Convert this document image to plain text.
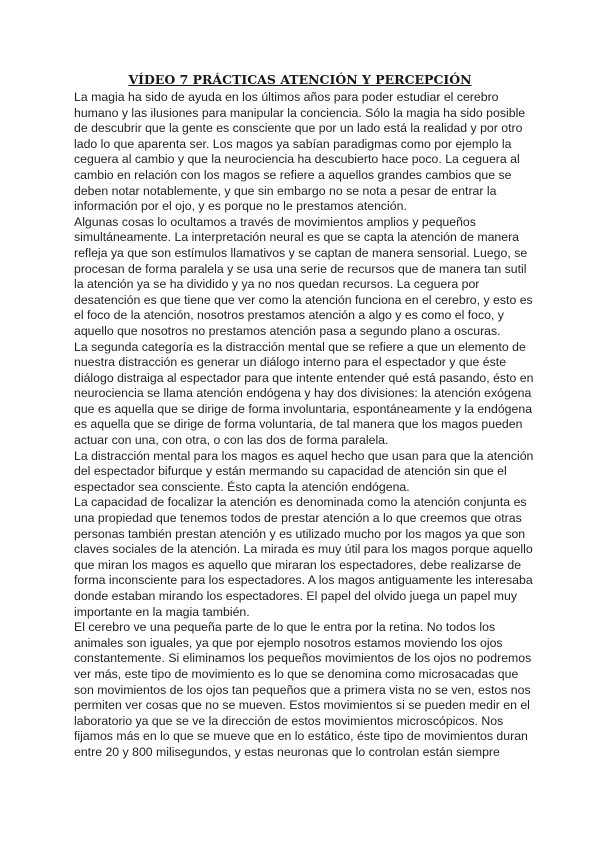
VÍDEO 7 PRÁCTICAS ATENCIÓN Y PERCEPCIÓN
La magia ha sido de ayuda en los últimos años para poder estudiar el cerebro
humano y las ilusiones para manipular la conciencia. Sólo la magia ha sido posible
de descubrir que la gente es consciente que por un lado está la realidad y por otro
lado lo que aparenta ser. Los magos ya sabían paradigmas como por ejemplo la
ceguera al cambio y que la neurociencia ha descubierto hace poco. La ceguera al
cambio en relación con los magos se refiere a aquellos grandes cambios que se
deben notar notablemente, y que sin embargo no se nota a pesar de entrar la
información por el ojo, y es porque no le prestamos atención.
Algunas cosas lo ocultamos a través de movimientos amplios y pequeños
simultáneamente. La interpretación neural es que se capta la atención de manera
refleja ya que son estímulos llamativos y se captan de manera sensorial. Luego, se
procesan de forma paralela y se usa una serie de recursos que de manera tan sutil
la atención ya se ha dividido y ya no nos quedan recursos. La ceguera por
desatención es que tiene que ver como la atención funciona en el cerebro, y esto es
el foco de la atención, nosotros prestamos atención a algo y es como el foco, y
aquello que nosotros no prestamos atención pasa a segundo plano a oscuras.
La segunda categoría es la distracción mental que se refiere a que un elemento de
nuestra distracción es generar un diálogo interno para el espectador y que éste
diálogo distraiga al espectador para que intente entender qué está pasando, ésto en
neurociencia se llama atención endógena y hay dos divisiones: la atención exógena
que es aquella que se dirige de forma involuntaria, espontáneamente y la endógena
es aquella que se dirige de forma voluntaria, de tal manera que los magos pueden
actuar con una, con otra, o con las dos de forma paralela.
La distracción mental para los magos es aquel hecho que usan para que la atención
del espectador bifurque y están mermando su capacidad de atención sin que el
espectador sea consciente. Ésto capta la atención endógena.
La capacidad de focalizar la atención es denominada como la atención conjunta es
una propiedad que tenemos todos de prestar atención a lo que creemos que otras
personas también prestan atención y es utilizado mucho por los magos ya que son
claves sociales de la atención. La mirada es muy útil para los magos porque aquello
que miran los magos es aquello que miraran los espectadores, debe realizarse de
forma inconsciente para los espectadores. A los magos antiguamente les interesaba
donde estaban mirando los espectadores. El papel del olvido juega un papel muy
importante en la magia también.
El cerebro ve una pequeña parte de lo que le entra por la retina. No todos los
animales son iguales, ya que por ejemplo nosotros estamos moviendo los ojos
constantemente. Si eliminamos los pequeños movimientos de los ojos no podremos
ver más, este tipo de movimiento es lo que se denomina como microsacadas que
son movimientos de los ojos tan pequeños que a primera vista no se ven, estos nos
permiten ver cosas que no se mueven. Estos movimientos si se pueden medir en el
laboratorio ya que se ve la dirección de estos movimientos microscópicos. Nos
fijamos más en lo que se mueve que en lo estático, éste tipo de movimientos duran
entre 20 y 800 milisegundos, y estas neuronas que lo controlan están siempre
